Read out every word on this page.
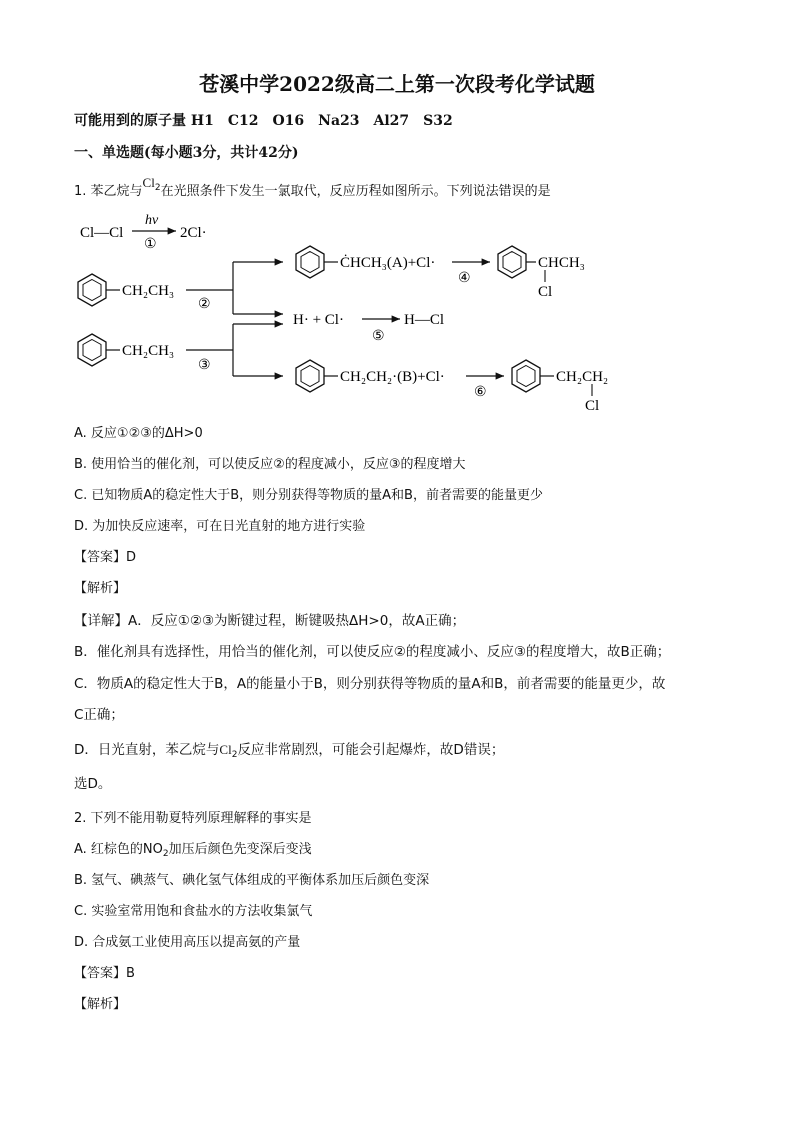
苍溪中学2022级高二上第一次段考化学试题
可能用到的原子量 H1　C12　O16　Na23　Al27　S32
一、单选题(每小题3分，共计42分)
1. 苯乙烷与$Cl_2$在光照条件下发生一氯取代，反应历程如图所示。下列说法错误的是
Cl—Cl
hν
①
2Cl·
CH₂CH₃
②
ĊHCH₃(A)+Cl·
④
CHCH₃
Cl
H· + Cl·
⑤
H—Cl
CH₂CH₃
③
CH₂CH₂·(B)+Cl·
⑥
CH₂CH₂
Cl
A. 反应①②③的ΔH>0
B. 使用恰当的催化剂，可以使反应②的程度减小，反应③的程度增大
C. 已知物质A的稳定性大于B，则分别获得等物质的量A和B，前者需要的能量更少
D. 为加快反应速率，可在日光直射的地方进行实验
【答案】D
【解析】
【详解】A．反应①②③为断键过程，断键吸热ΔH>0，故A正确；
B．催化剂具有选择性，用恰当的催化剂，可以使反应②的程度减小、反应③的程度增大，故B正确；
C．物质A的稳定性大于B，A的能量小于B，则分别获得等物质的量A和B，前者需要的能量更少，故
C正确；
D．日光直射，苯乙烷与$Cl_2$反应非常剧烈，可能会引起爆炸，故D错误；
选D。
2. 下列不能用勒夏特列原理解释的事实是
A. 红棕色的$NO_2$加压后颜色先变深后变浅
B. 氢气、碘蒸气、碘化氢气体组成的平衡体系加压后颜色变深
C. 实验室常用饱和食盐水的方法收集氯气
D. 合成氨工业使用高压以提高氨的产量
【答案】B
【解析】
